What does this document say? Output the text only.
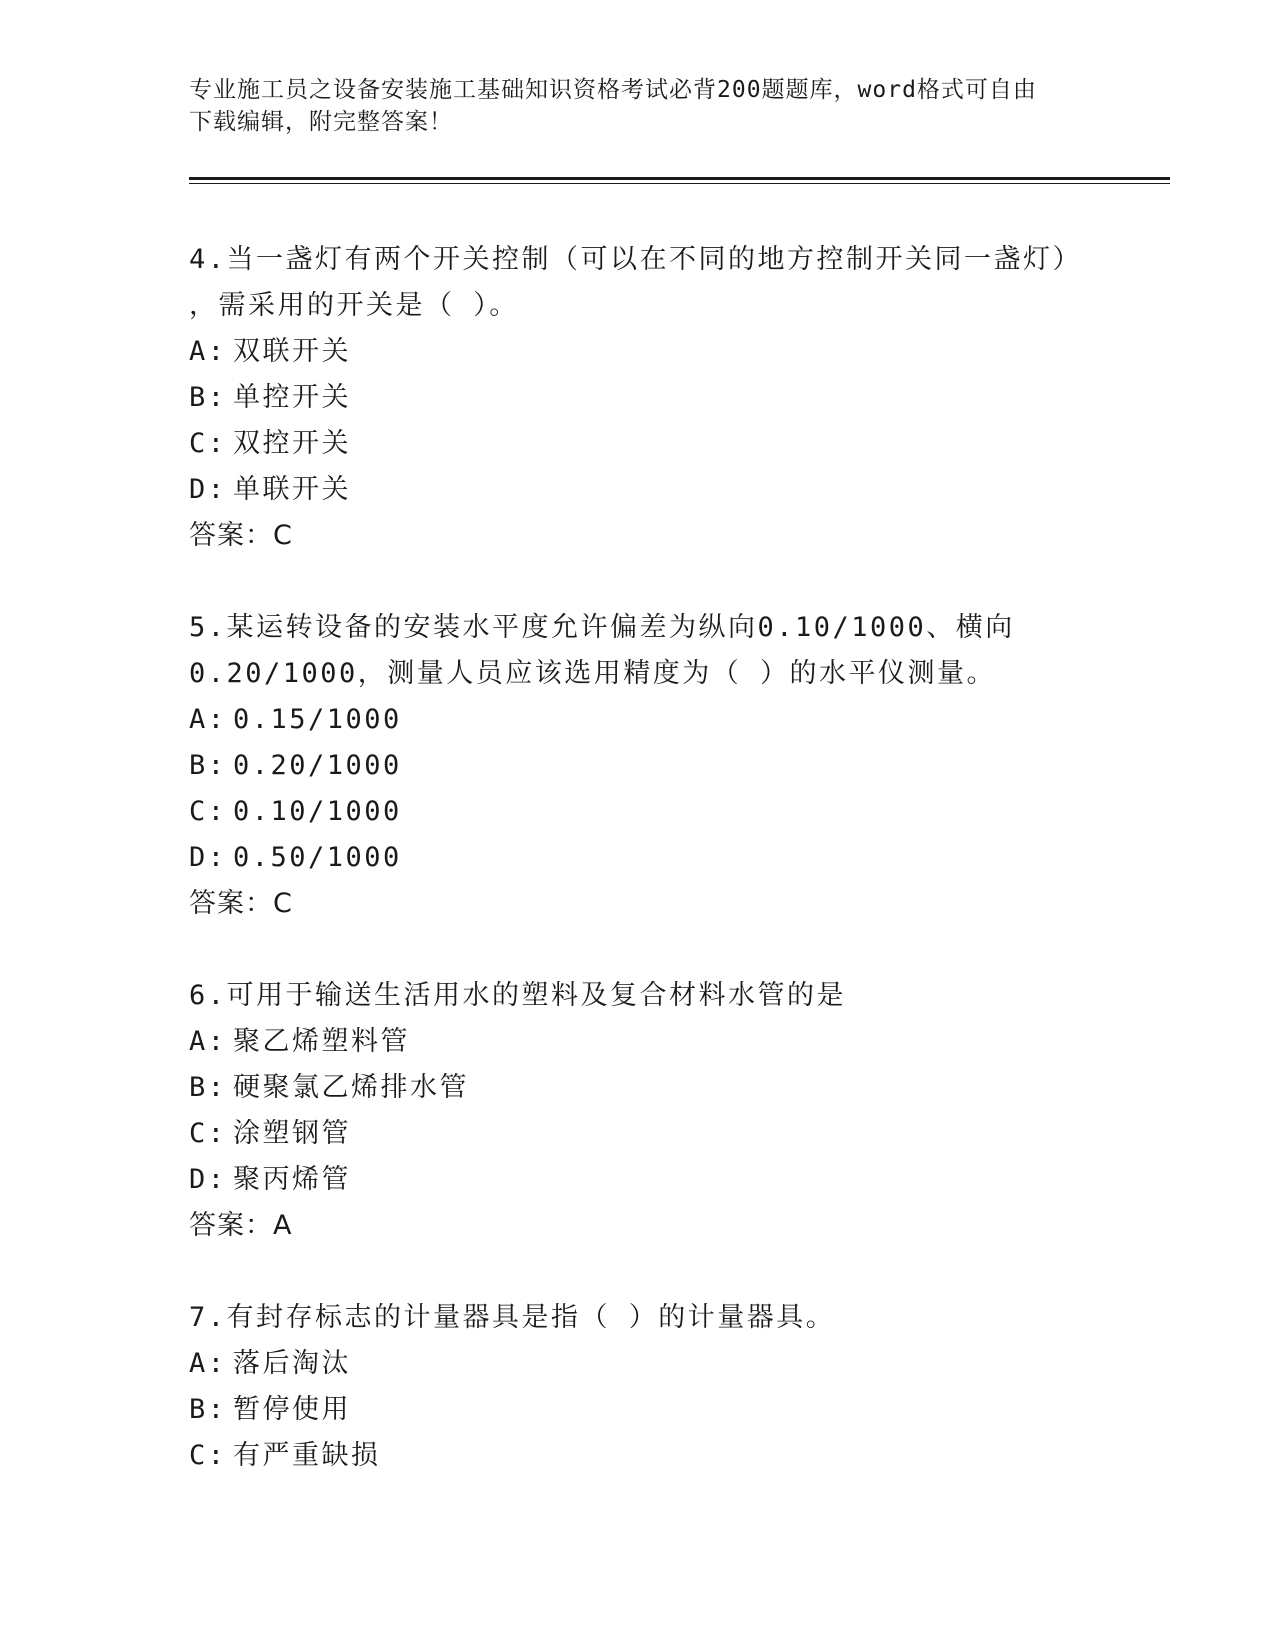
专业施工员之设备安装施工基础知识资格考试必背200题题库，word格式可自由
下载编辑，附完整答案！

4.当一盏灯有两个开关控制（可以在不同的地方控制开关同一盏灯）
，需采用的开关是（ ）。

A: 双联开关

B: 单控开关

C: 双控开关

D: 单联开关

答案：C

5.某运转设备的安装水平度允许偏差为纵向0.10/1000、横向
0.20/1000，测量人员应该选用精度为（ ）的水平仪测量。

A: 0.15/1000

B: 0.20/1000

C: 0.10/1000

D: 0.50/1000

答案：C

6.可用于输送生活用水的塑料及复合材料水管的是

A: 聚乙烯塑料管

B: 硬聚氯乙烯排水管

C: 涂塑钢管

D: 聚丙烯管

答案：A

7.有封存标志的计量器具是指（ ）的计量器具。

A: 落后淘汰

B: 暂停使用

C: 有严重缺损
